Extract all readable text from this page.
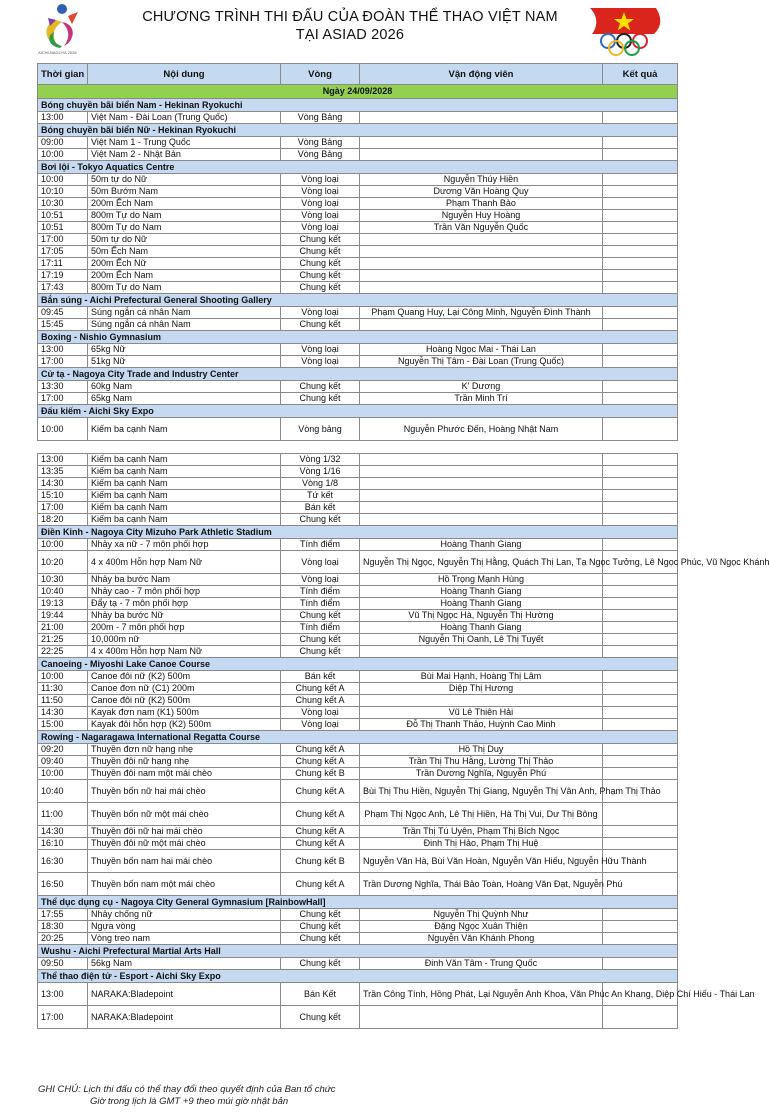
AICHI-NAGOYA 2026
CHƯƠNG TRÌNH THI ĐẤU CỦA ĐOÀN THỂ THAO VIỆT NAM
TẠI ASIAD 2026
Thời gian	Nội dung	Vòng	Vận động viên	Kết quả
Ngày 24/09/2028				
Bóng chuyền bãi biển Nam - Hekinan Ryokuchi				
13:00	Việt Nam - Đài Loan (Trung Quốc)	Vòng Bảng		
Bóng chuyền bãi biển Nữ - Hekinan Ryokuchi				
09:00	Việt Nam 1 - Trung Quốc	Vòng Bảng		
10:00	Việt Nam 2 - Nhật Bản	Vòng Bảng		
Bơi lội - Tokyo Aquatics Centre				
10:00	50m tự do Nữ	Vòng loại	Nguyễn Thúy Hiền	
10:10	50m Bướm Nam	Vòng loại	Dương Văn Hoàng Quy	
10:30	200m Ếch Nam	Vòng loại	Phạm Thanh Bảo	
10:51	800m Tự do Nam	Vòng loại	Nguyễn Huy Hoàng	
10:51	800m Tự do Nam	Vòng loại	Trần Văn Nguyễn Quốc	
17:00	50m tự do Nữ	Chung kết		
17:05	50m Ếch Nam	Chung kết		
17:11	200m Ếch Nữ	Chung kết		
17:19	200m Ếch Nam	Chung kết		
17:43	800m Tự do Nam	Chung kết		
Bắn súng - Aichi Prefectural General Shooting Gallery				
09:45	Súng ngắn cá nhân Nam	Vòng loại	Phạm Quang Huy, Lại Công Minh, Nguyễn Đình Thành	
15:45	Súng ngắn cá nhân Nam	Chung kết		
Boxing - Nishio Gymnasium				
13:00	65kg Nữ	Vòng loại	Hoàng Ngọc Mai - Thái Lan	
17:00	51kg Nữ	Vòng loại	Nguyễn Thị Tâm - Đài Loan (Trung Quốc)	
Cử tạ - Nagoya City Trade and Industry Center				
13:30	60kg Nam	Chung kết	K' Dương	
17:00	65kg Nam	Chung kết	Trần Minh Trí	
Đấu kiếm - Aichi Sky Expo				
10:00	Kiếm ba cạnh Nam	Vòng bảng	Nguyễn Phước Đến, Hoàng Nhật Nam	

13:00	Kiếm ba cạnh Nam	Vòng 1/32		
13:35	Kiếm ba cạnh Nam	Vòng 1/16		
14:30	Kiếm ba cạnh Nam	Vòng 1/8		
15:10	Kiếm ba cạnh Nam	Tứ kết		
17:00	Kiếm ba cạnh Nam	Bán kết		
18:20	Kiếm ba cạnh Nam	Chung kết		
Điền Kinh - Nagoya City Mizuho Park Athletic Stadium				
10:00	Nhảy xa nữ - 7 môn phối hợp	Tính điểm	Hoàng Thanh Giang	
10:20	4 x 400m Hỗn hợp Nam Nữ	Vòng loại	Nguyễn Thị Ngọc, Nguyễn Thị Hằng, Quách Thị Lan, Tạ Ngọc Tưởng, Lê Ngọc Phúc, Vũ Ngọc Khánh	
10:30	Nhảy ba bước Nam	Vòng loại	Hồ Trọng Mạnh Hùng	
10:40	Nhảy cao - 7 môn phối hợp	Tính điểm	Hoàng Thanh Giang	
19:13	Đẩy tạ - 7 môn phối hợp	Tính điểm	Hoàng Thanh Giang	
19:44	Nhảy ba bước Nữ	Chung kết	Vũ Thị Ngọc Hà, Nguyễn Thị Hường	
21:00	200m - 7 môn phối hợp	Tính điểm	Hoàng Thanh Giang	
21:25	10,000m nữ	Chung kết	Nguyễn Thị Oanh, Lê Thị Tuyết	
22:25	4 x 400m Hỗn hợp Nam Nữ	Chung kết		
Canoeing - Miyoshi Lake Canoe Course				
10:00	Canoe đôi nữ (K2) 500m	Bán kết	Bùi Mai Hạnh, Hoàng Thị Lâm	
11:30	Canoe đơn nữ (C1) 200m	Chung kết A	Diệp Thị Hương	
11:50	Canoe đôi nữ (K2) 500m	Chung kết A		
14:30	Kayak đơn nam (K1) 500m	Vòng loại	Vũ Lê Thiên Hải	
15:00	Kayak đôi hỗn hợp (K2) 500m	Vòng loại	Đỗ Thị Thanh Thảo, Huỳnh Cao Minh	
Rowing - Nagaragawa International Regatta Course				
09:20	Thuyền đơn nữ hạng nhẹ	Chung kết A	Hồ Thị Duy	
09:40	Thuyền đôi nữ hạng nhẹ	Chung kết A	Trần Thị Thu Hằng, Lường Thị Thảo	
10:00	Thuyền đôi nam một mái chèo	Chung kết B	Trần Dương Nghĩa, Nguyễn Phú	
10:40	Thuyền bốn nữ hai mái chèo	Chung kết A	Bùi Thị Thu Hiền, Nguyễn Thị Giang, Nguyễn Thị Vân Anh, Phạm Thị Thảo	
11:00	Thuyền bốn nữ một mái chèo	Chung kết A	Phạm Thị Ngọc Anh, Lê Thị Hiền, Hà Thị Vui, Dư Thị Bông	
14:30	Thuyền đôi nữ hai mái chèo	Chung kết A	Trần Thị Tú Uyên, Phạm Thị Bích Ngọc	
16:10	Thuyền đôi nữ một mái chèo	Chung kết A	Đinh Thị Hảo, Phạm Thị Huệ	
16:30	Thuyền bốn nam hai mái chèo	Chung kết B	Nguyễn Văn Hà, Bùi Văn Hoàn, Nguyễn Văn Hiếu, Nguyễn Hữu Thành	
16:50	Thuyền bốn nam một mái chèo	Chung kết A	Trần Dương Nghĩa, Thái Bảo Toàn, Hoàng Văn Đạt, Nguyễn Phú	
Thể dục dụng cụ - Nagoya City General Gymnasium [RainbowHall]				
17:55	Nhảy chống nữ	Chung kết	Nguyễn Thị Quỳnh Như	
18:30	Ngựa vòng	Chung kết	Đặng Ngọc Xuân Thiện	
20:25	Vòng treo nam	Chung kết	Nguyễn Văn Khánh Phong	
Wushu - Aichi Prefectural Martial Arts Hall				
09:50	56kg Nam	Chung kết	Đinh Văn Tâm - Trung Quốc	
Thể thao điện tử - Esport - Aichi Sky Expo				
13:00	NARAKA:Bladepoint	Bán Kết	Trần Công Tính, Hồng Phát, Lại Nguyễn Anh Khoa, Văn Phúc An Khang, Diệp Chí Hiếu - Thái Lan	
17:00	NARAKA:Bladepoint	Chung kết		
GHI CHÚ: Lịch thi đấu có thể thay đổi theo quyết định của Ban tổ chức
Giờ trong lịch là GMT +9 theo múi giờ nhật bản
